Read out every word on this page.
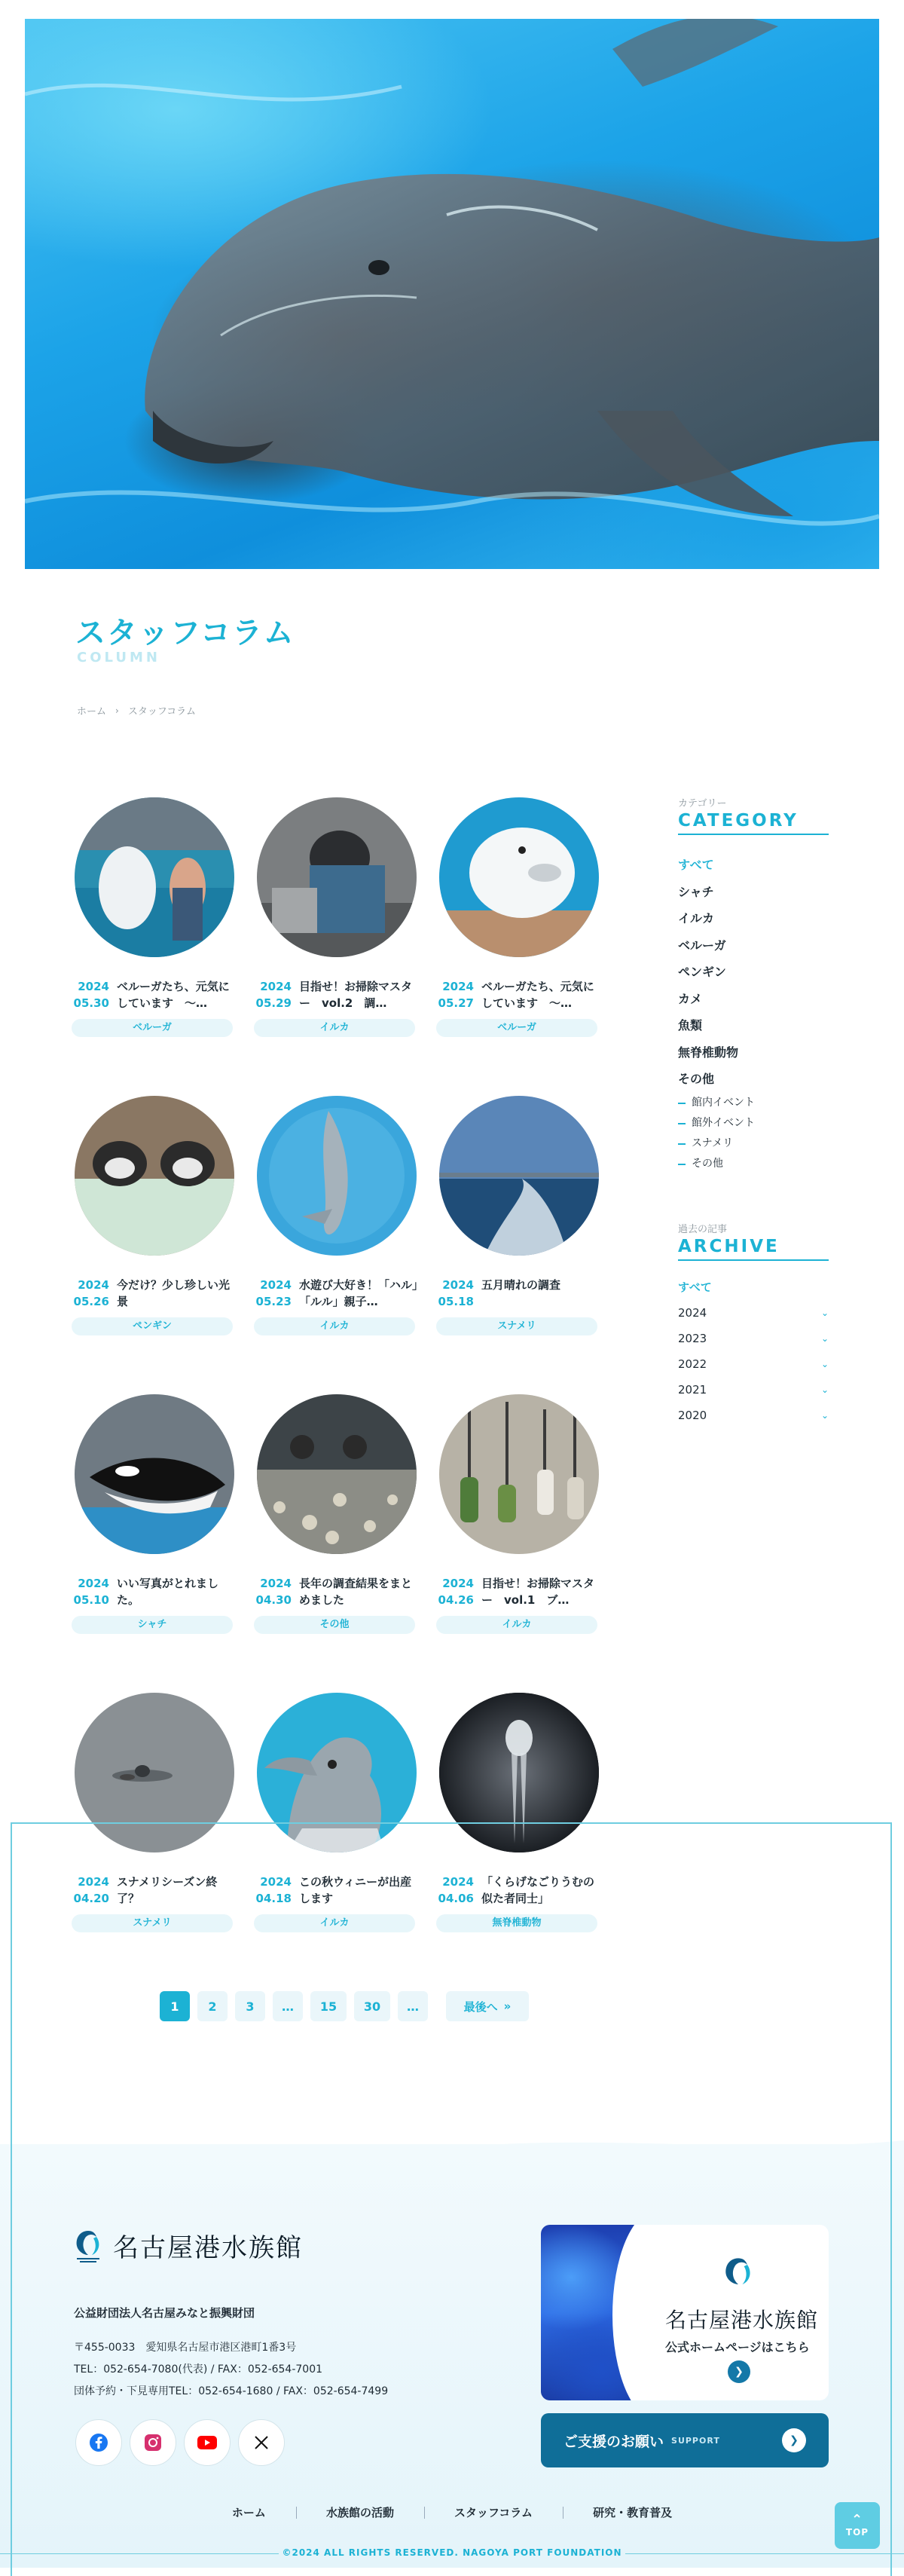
スタッフコラム
COLUMN
ホーム › スタッフコラム
2024
05.30
ベルーガたち、元気にしています　～…
ベルーガ
2024
05.29
目指せ！お掃除マスター　vol.2　調…
イルカ
2024
05.27
ベルーガたち、元気にしています　～…
ベルーガ
2024
05.26
今だけ？少し珍しい光景
ペンギン
2024
05.23
水遊び大好き！「ハル」「ルル」親子…
イルカ
2024
05.18
五月晴れの調査
スナメリ
2024
05.10
いい写真がとれました。
シャチ
2024
04.30
長年の調査結果をまとめました
その他
2024
04.26
目指せ！お掃除マスター　vol.1　ブ…
イルカ
2024
04.20
スナメリシーズン終了？
スナメリ
2024
04.18
この秋ウィニーが出産します
イルカ
2024
04.06
「くらげなごりうむの似た者同士」
無脊椎動物
1	2	3	…	15	30	…	最後へ »
カテゴリー
CATEGORY
すべて
シャチ
イルカ
ベルーガ
ペンギン
カメ
魚類
無脊椎動物
その他
館内イベント
館外イベント
スナメリ
その他
過去の記事
ARCHIVE
すべて
2024	⌄
2023	⌄
2022	⌄
2021	⌄
2020	⌄
名古屋港水族館
公益財団法人名古屋みなと振興財団
〒455-0033　愛知県名古屋市港区港町1番3号
TEL：052-654-7080(代表) / FAX：052-654-7001
団体予約・下見専用TEL：052-654-1680 / FAX：052-654-7499
名古屋港水族館
公式ホームページはこちら
❯
ご支援のお願い SUPPORT	❯
ホーム	水族館の活動	スタッフコラム	研究・教育普及
©2024 ALL RIGHTS RESERVED. NAGOYA PORT FOUNDATION
⌃
TOP
